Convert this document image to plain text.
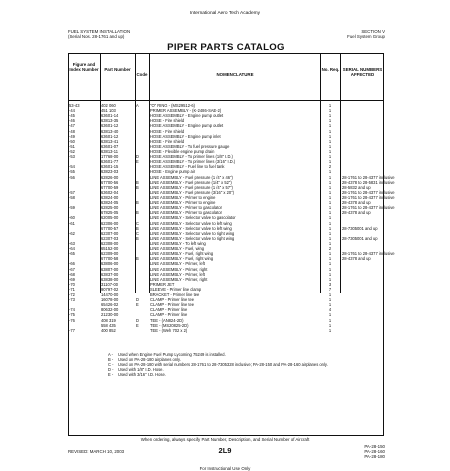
International Aero Tech Academy
FUEL SYSTEM INSTALLATION
(Serial Nos. 28-1761 and up)
SECTION V
Fuel System Group
PIPER PARTS CATALOG
Figure and Index Number	Part Number
Code	NOMENCLATURE
No. Req. SERIAL NUMBERS AFFECTED
53-43	402 060	A	"O" RING - (MS29512-6)	1
-44	451 103	PRIMER ASSEMBLY - (K-2486-SAE-2)	1
-45	63601-14	HOSE ASSEMBLY - Engine pump outlet	1
-46	63813-35	HOSE - Fire shield	1
-47	63601-12	HOSE ASSEMBLY - Engine pump outlet	1
-48	63813-40	HOSE - Fire shield	1
-49	63601-12	HOSE ASSEMBLY - Engine pump inlet	1
-50	63813-41	HOSE - Fire shield	1
-51	63601-07	HOSE ASSEMBLY - To fuel pressure gauge	1
-52	63813-11	HOSE - Flexible engine pump drain	1
-53	17768-00	D	HOSE ASSEMBLY - To primer lines (1/8" I.D.)	1
63601-77	E	HOSE ASSEMBLY - To primer lines (3/16" I.D.)	1
-54	63601-15	HOSE ASSEMBLY - Fuel line to fuel tank	2
-55	63823-03	HOSE - Engine pump air	1
-56	62826-00	LINE ASSEMBLY - Fuel pressure (1 /4" x 46")	1	28-1761 to 28-4377 inclusive
67700-56	B	LINE ASSEMBLY - Fuel pressure (1/4" x 52")	1	28-4378 to 28-5831 inclusive
67700-59	B	LINE ASSEMBLY - Fuel pressure (1 /4" x 57")	1	28-5832 and up
-57	63602-04	LINE ASSEMBLY - Fuel pressure (3/16" x 20")	1	28-1761 to 28-4377 inclusive
-58	63824-00	LINE ASSEMBLY - Primer to engine	1	28-1761 to 28-4377 inclusive
63824-05	B	LINE ASSEMBLY - Primer to engine	1	28-4378 and up
-59	62825-00	LINE ASSEMBLY - Primer to gascolator	1	28-1761 to 28-4377 inclusive
67825-05	B	LINE ASSEMBLY - Primer to gascolator	1	28-4378 and up
-60	62005-00	LINE ASSEMBLY - Selector valve to gascolator	1
-61	62306-00	C	LINE ASSEMBLY - Selector valve to left wing	1
67700-57	B	LINE ASSEMBLY - Selector valve to left wing	1	28-7305001 and up
-62	62307-00	C	LINE ASSEMBLY - Selector valve to right wing	1
62307-03	B	LINE ASSEMBLY - Selector valve to right wing	1	28-7305001 and up
-63	62308-00	LINE ASSEMBLY - To left wing	1
-64	65152-00	LINE ASSEMBLY - Fuel, wing	2
-65	62309-00	LINE ASSEMBLY - Fuel, right wing	1	28-1761 to 28-4377 inclusive
67700-58	B	LINE ASSEMBLY - Fuel, right wing	1	28-4378 and up
-66	63806-00	LINE ASSEMBLY - Primer, left	1
-67	63807-00	LINE ASSEMBLY - Primer, right	1
-68	63837-00	LINE ASSEMBLY - Primer, left	1
-69	63838-00	LINE ASSEMBLY - Primer, right	1
-70	31107-00	PRIMER JET	3
-71	90797-02	SLEEVE - Primer line clamp	7
-72	14470-00	BRACKET - Primer line tee	1
-73	16078-00	D	CLAMP - Primer line tee	1
65426-02	E	CLAMP - Primer line tee	1
-74	80632-00	CLAMP - Primer line	4
-75	21230-00	CLAMP - Primer line	1
-76	408 319	D	TEE - (AN824-2D)	1
558 435	E	TEE - (MS20825-2D)	1
-77	400 852	TEE - (Weh 702 x 2)	1
A - Used when Engine Fuel Pump Lycoming 75249 is installed.
B - Used on PA-28-180 airplanes only.
C - Used on PA-28-180 with serial numbers 28-1761 to 28-7305328 inclusive; PA-28-150 and PA-28-160 airplanes only.
D - Used with 1/8" I.D. Hose.
E - Used with 3/16" I.D. Hose.
When ordering, always specify Part Number, Description, and Serial Number of Aircraft
REVISED: MARCH 10, 2003	2L9	PA-28-150
PA-28-160
PA-28-180
For Instructional Use Only
